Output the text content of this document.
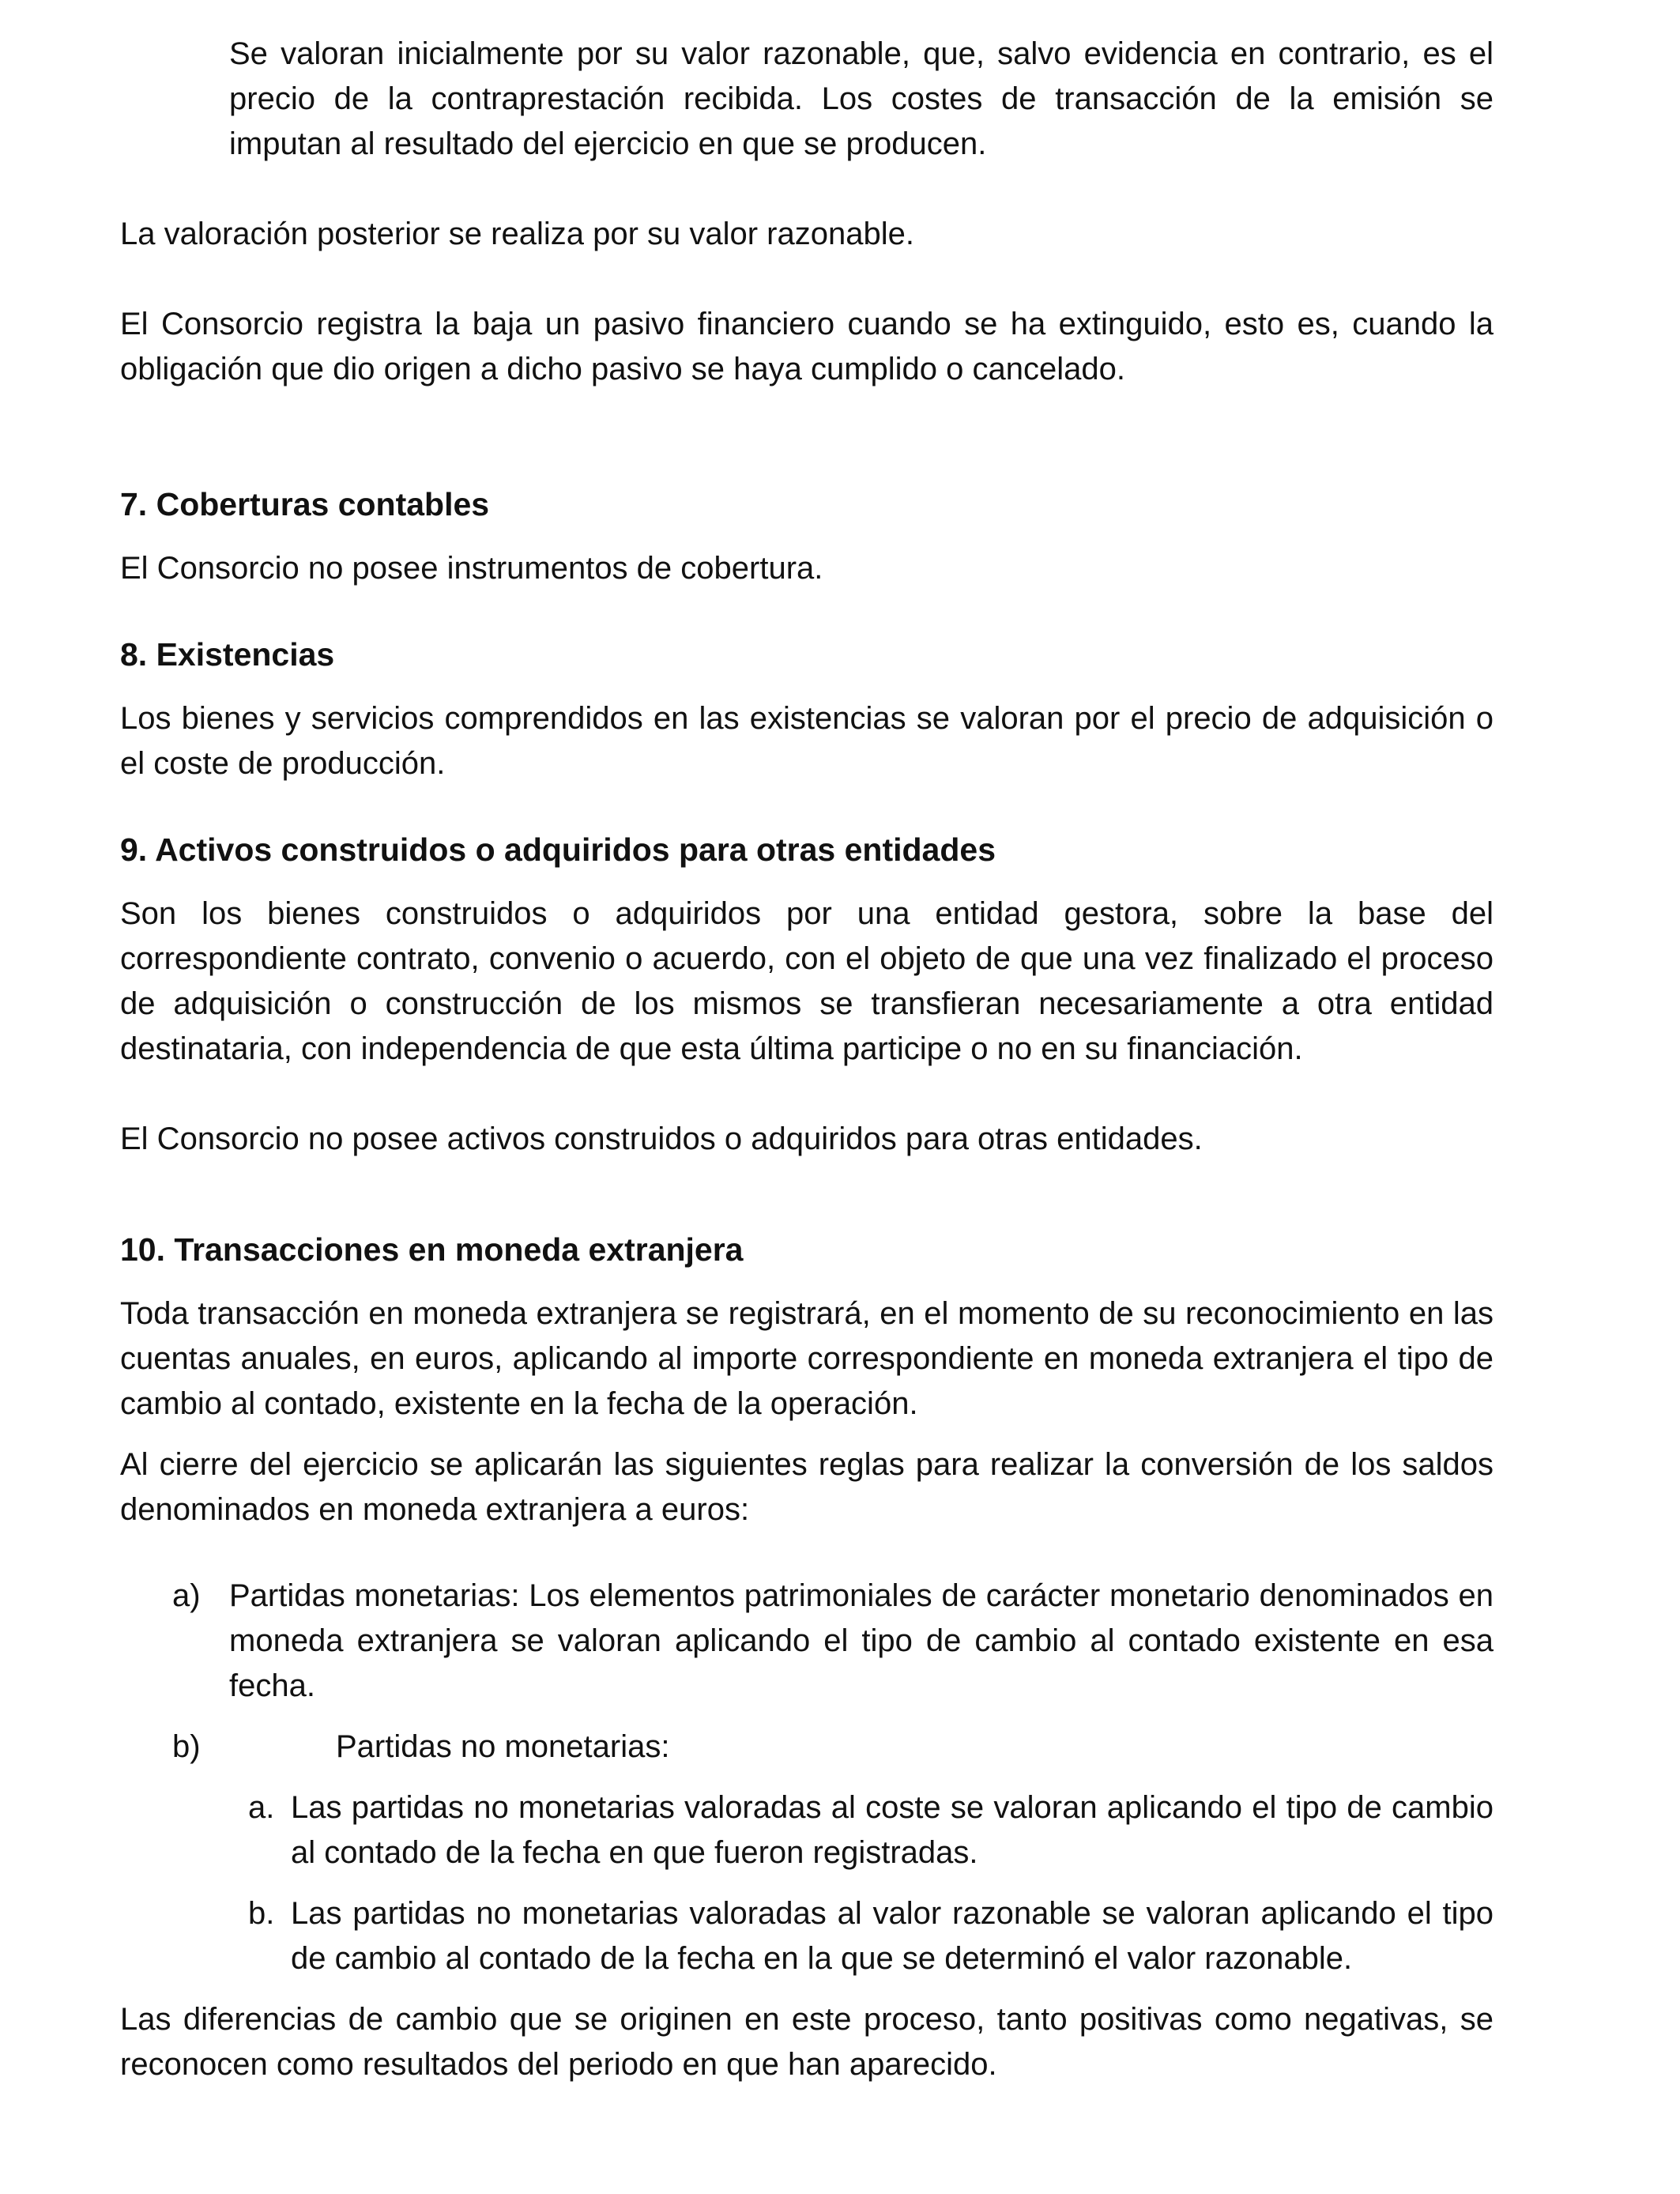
Se valoran inicialmente por su valor razonable, que, salvo evidencia en contrario, es el precio de la contraprestación recibida. Los costes de transacción de la emisión se imputan al resultado del ejercicio en que se producen.

La valoración posterior se realiza por su valor razonable.

El Consorcio registra la baja un pasivo financiero cuando se ha extinguido, esto es, cuando la obligación que dio origen a dicho pasivo se haya cumplido o cancelado.

7. Coberturas contables

El Consorcio no posee instrumentos de cobertura.

8. Existencias

Los bienes y servicios comprendidos en las existencias se valoran por el precio de adquisición o el coste de producción.

9. Activos construidos o adquiridos para otras entidades

Son los bienes construidos o adquiridos por una entidad gestora, sobre la base del correspondiente contrato, convenio o acuerdo, con el objeto de que una vez finalizado el proceso de adquisición o construcción de los mismos se transfieran necesariamente a otra entidad destinataria, con independencia de que esta última participe o no en su financiación.

El Consorcio no posee activos construidos o adquiridos para otras entidades.

10. Transacciones en moneda extranjera

Toda transacción en moneda extranjera se registrará, en el momento de su reconocimiento en las cuentas anuales, en euros, aplicando al importe correspondiente en moneda extranjera el tipo de cambio al contado, existente en la fecha de la operación.

Al cierre del ejercicio se aplicarán las siguientes reglas para realizar la conversión de los saldos denominados en moneda extranjera a euros:

a) Partidas monetarias: Los elementos patrimoniales de carácter monetario denominados en moneda extranjera se valoran aplicando el tipo de cambio al contado existente en esa fecha.
b)	Partidas no monetarias:
a. Las partidas no monetarias valoradas al coste se valoran aplicando el tipo de cambio al contado de la fecha en que fueron registradas.
b. Las partidas no monetarias valoradas al valor razonable se valoran aplicando el tipo de cambio al contado de la fecha en la que se determinó el valor razonable.

Las diferencias de cambio que se originen en este proceso, tanto positivas como negativas, se reconocen como resultados del periodo en que han aparecido.
